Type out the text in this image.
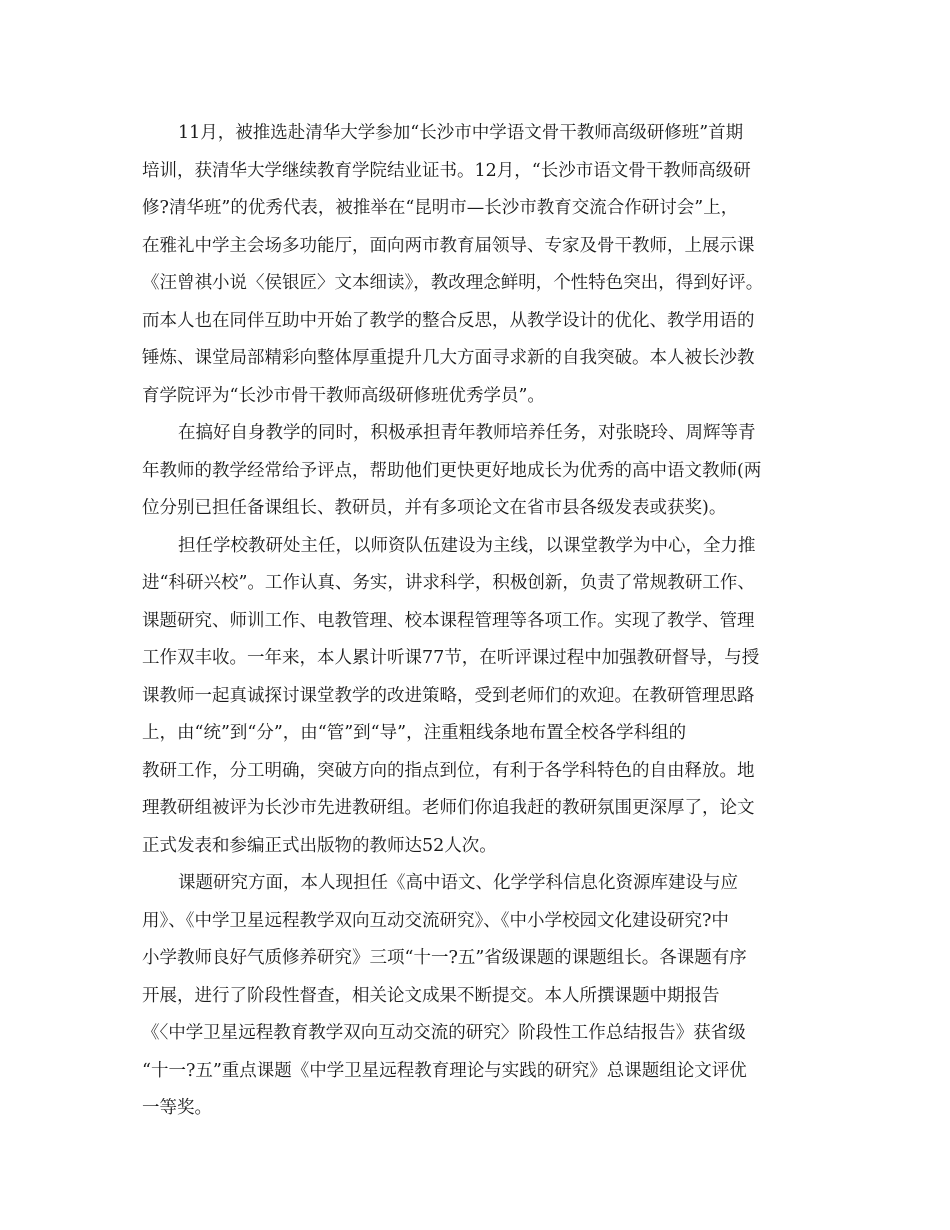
11月，被推选赴清华大学参加“长沙市中学语文骨干教师高级研修班”首期
培训，获清华大学继续教育学院结业证书。12月，“长沙市语文骨干教师高级研
修?清华班”的优秀代表，被推举在“昆明市—长沙市教育交流合作研讨会”上，
在雅礼中学主会场多功能厅，面向两市教育届领导、专家及骨干教师，上展示课
《汪曾祺小说〈侯银匠〉文本细读》，教改理念鲜明，个性特色突出，得到好评。
而本人也在同伴互助中开始了教学的整合反思，从教学设计的优化、教学用语的
锤炼、课堂局部精彩向整体厚重提升几大方面寻求新的自我突破。本人被长沙教
育学院评为“长沙市骨干教师高级研修班优秀学员”。
在搞好自身教学的同时，积极承担青年教师培养任务，对张晓玲、周辉等青
年教师的教学经常给予评点，帮助他们更快更好地成长为优秀的高中语文教师(两
位分别已担任备课组长、教研员，并有多项论文在省市县各级发表或获奖)。
担任学校教研处主任，以师资队伍建设为主线，以课堂教学为中心，全力推
进“科研兴校”。工作认真、务实，讲求科学，积极创新，负责了常规教研工作、
课题研究、师训工作、电教管理、校本课程管理等各项工作。实现了教学、管理
工作双丰收。一年来，本人累计听课77节，在听评课过程中加强教研督导，与授
课教师一起真诚探讨课堂教学的改进策略，受到老师们的欢迎。在教研管理思路
上，由“统”到“分”，由“管”到“导”，注重粗线条地布置全校各学科组的
教研工作，分工明确，突破方向的指点到位，有利于各学科特色的自由释放。地
理教研组被评为长沙市先进教研组。老师们你追我赶的教研氛围更深厚了，论文
正式发表和参编正式出版物的教师达52人次。
课题研究方面，本人现担任《高中语文、化学学科信息化资源库建设与应
用》、《中学卫星远程教学双向互动交流研究》、《中小学校园文化建设研究?中
小学教师良好气质修养研究》三项“十一?五”省级课题的课题组长。各课题有序
开展，进行了阶段性督查，相关论文成果不断提交。本人所撰课题中期报告
《〈中学卫星远程教育教学双向互动交流的研究〉阶段性工作总结报告》获省级
“十一?五”重点课题《中学卫星远程教育理论与实践的研究》总课题组论文评优
一等奖。
